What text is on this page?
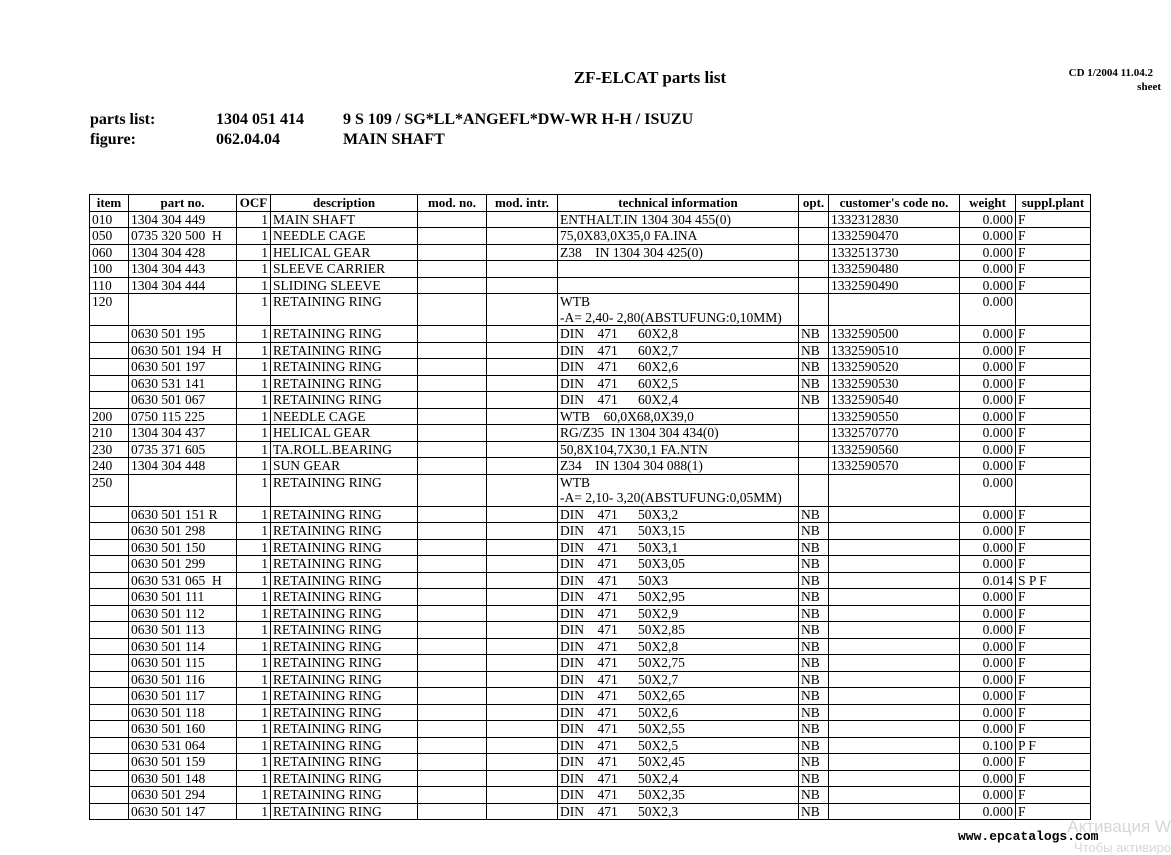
ZF-ELCAT parts list	CD 1/2004 11.04.2
sheet
parts list:	1304 051 414 9 S 109 / SG*LL*ANGEFL*DW-WR H-H / ISUZU
figure:	062.04.04	MAIN SHAFT
item	part no.	OCF	description	mod. no.	mod. intr.	technical information	opt.	customer's code no.	weight	suppl.plant
010	1304 304 449	1	MAIN SHAFT			ENTHALT.IN 1304 304 455(0)		1332312830	0.000	F
050	0735 320 500  H	1	NEEDLE CAGE			75,0X83,0X35,0 FA.INA		1332590470	0.000	F
060	1304 304 428	1	HELICAL GEAR			Z38    IN 1304 304 425(0)		1332513730	0.000	F
100	1304 304 443	1	SLEEVE CARRIER					1332590480	0.000	F
110	1304 304 444	1	SLIDING SLEEVE					1332590490	0.000	F
120		1	RETAINING RING			WTB
-A= 2,40- 2,80(ABSTUFUNG:0,10MM)			0.000	
	0630 501 195	1	RETAINING RING			DIN    471      60X2,8	NB	1332590500	0.000	F
	0630 501 194  H	1	RETAINING RING			DIN    471      60X2,7	NB	1332590510	0.000	F
	0630 501 197	1	RETAINING RING			DIN    471      60X2,6	NB	1332590520	0.000	F
	0630 531 141	1	RETAINING RING			DIN    471      60X2,5	NB	1332590530	0.000	F
	0630 501 067	1	RETAINING RING			DIN    471      60X2,4	NB	1332590540	0.000	F
200	0750 115 225	1	NEEDLE CAGE			WTB    60,0X68,0X39,0		1332590550	0.000	F
210	1304 304 437	1	HELICAL GEAR			RG/Z35  IN 1304 304 434(0)		1332570770	0.000	F
230	0735 371 605	1	TA.ROLL.BEARING			50,8X104,7X30,1 FA.NTN		1332590560	0.000	F
240	1304 304 448	1	SUN GEAR			Z34    IN 1304 304 088(1)		1332590570	0.000	F
250		1	RETAINING RING			WTB
-A= 2,10- 3,20(ABSTUFUNG:0,05MM)			0.000	
	0630 501 151 R	1	RETAINING RING			DIN    471      50X3,2	NB		0.000	F
	0630 501 298	1	RETAINING RING			DIN    471      50X3,15	NB		0.000	F
	0630 501 150	1	RETAINING RING			DIN    471      50X3,1	NB		0.000	F
	0630 501 299	1	RETAINING RING			DIN    471      50X3,05	NB		0.000	F
	0630 531 065  H	1	RETAINING RING			DIN    471      50X3	NB		0.014	S P F
	0630 501 111	1	RETAINING RING			DIN    471      50X2,95	NB		0.000	F
	0630 501 112	1	RETAINING RING			DIN    471      50X2,9	NB		0.000	F
	0630 501 113	1	RETAINING RING			DIN    471      50X2,85	NB		0.000	F
	0630 501 114	1	RETAINING RING			DIN    471      50X2,8	NB		0.000	F
	0630 501 115	1	RETAINING RING			DIN    471      50X2,75	NB		0.000	F
	0630 501 116	1	RETAINING RING			DIN    471      50X2,7	NB		0.000	F
	0630 501 117	1	RETAINING RING			DIN    471      50X2,65	NB		0.000	F
	0630 501 118	1	RETAINING RING			DIN    471      50X2,6	NB		0.000	F
	0630 501 160	1	RETAINING RING			DIN    471      50X2,55	NB		0.000	F
	0630 531 064	1	RETAINING RING			DIN    471      50X2,5	NB		0.100	P F
	0630 501 159	1	RETAINING RING			DIN    471      50X2,45	NB		0.000	F
	0630 501 148	1	RETAINING RING			DIN    471      50X2,4	NB		0.000	F
	0630 501 294	1	RETAINING RING			DIN    471      50X2,35	NB		0.000	F
	0630 501 147	1	RETAINING RING			DIN    471      50X2,3	NB		0.000	F
www.epcatalogs.com
Активация W
Чтобы активиро
